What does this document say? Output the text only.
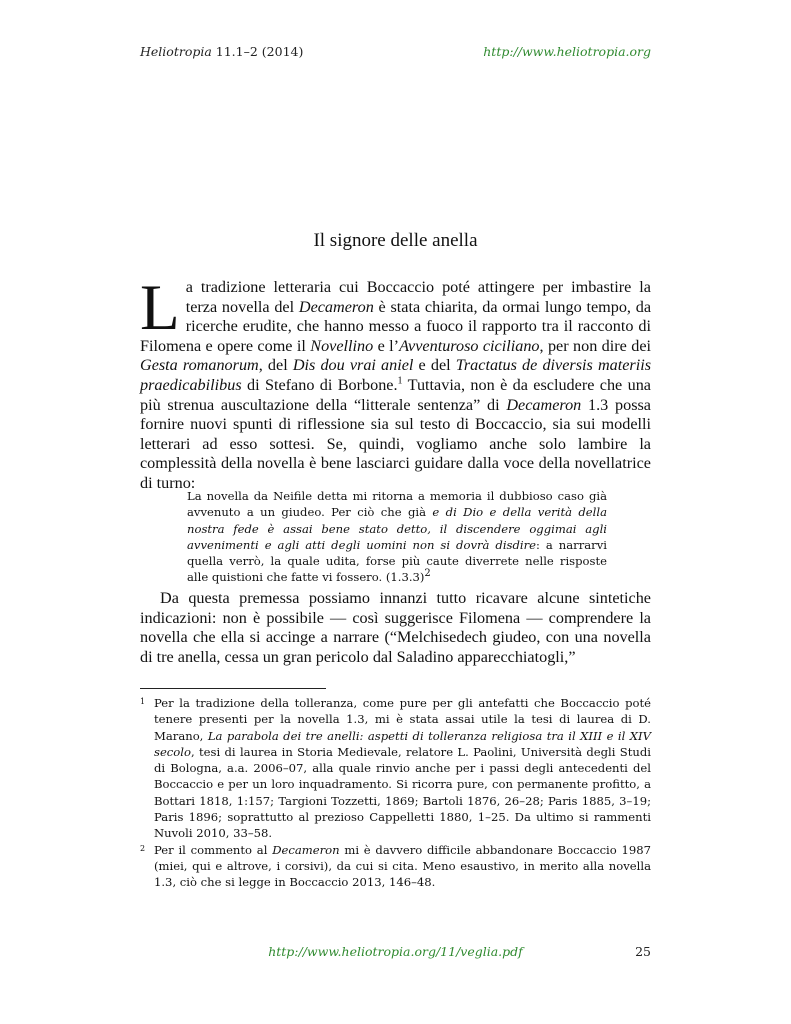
Heliotropia 11.1–2 (2014)	http://www.heliotropia.org
Il signore delle anella
La tradizione letteraria cui Boccaccio poté attingere per imbastire la terza novella del Decameron è stata chiarita, da ormai lungo tempo, da ricerche erudite, che hanno messo a fuoco il rapporto tra il racconto di Filomena e opere come il Novellino e l’Avventuroso ciciliano, per non dire dei Gesta romanorum, del Dis dou vrai aniel e del Tractatus de diversis materiis praedicabilibus di Stefano di Borbone.$^1$ Tuttavia, non è da escludere che una più strenua auscultazione della “litterale sentenza” di Decameron 1.3 possa fornire nuovi spunti di riflessione sia sul testo di Boccaccio, sia sui modelli letterari ad esso sottesi. Se, quindi, vogliamo anche solo lambire la complessità della novella è bene lasciarci guidare dalla voce della novellatrice di turno:
La novella da Neifile detta mi ritorna a memoria il dubbioso caso già avvenuto a un giudeo. Per ciò che già e di Dio e della verità della nostra fede è assai bene stato detto, il discendere oggimai agli avvenimenti e agli atti degli uomini non si dovrà disdire: a narrarvi quella verrò, la quale udita, forse più caute diverrete nelle risposte alle quistioni che fatte vi fossero. (1.3.3)$^2$
Da questa premessa possiamo innanzi tutto ricavare alcune sintetiche indicazioni: non è possibile — così suggerisce Filomena — comprendere la novella che ella si accinge a narrare (“Melchisedech giudeo, con una novella di tre anella, cessa un gran pericolo dal Saladino apparecchiatogli,”

1 Per la tradizione della tolleranza, come pure per gli antefatti che Boccaccio poté tenere presenti per la novella 1.3, mi è stata assai utile la tesi di laurea di D. Marano, La parabola dei tre anelli: aspetti di tolleranza religiosa tra il XIII e il XIV secolo, tesi di laurea in Storia Medievale, relatore L. Paolini, Università degli Studi di Bologna, a.a. 2006–07, alla quale rinvio anche per i passi degli antecedenti del Boccaccio e per un loro inquadramento. Si ricorra pure, con permanente profitto, a Bottari 1818, 1:157; Targioni Tozzetti, 1869; Bartoli 1876, 26–28; Paris 1885, 3–19; Paris 1896; soprattutto al prezioso Cappelletti 1880, 1–25. Da ultimo si rammenti Nuvoli 2010, 33–58.

2 Per il commento al Decameron mi è davvero difficile abbandonare Boccaccio 1987 (miei, qui e altrove, i corsivi), da cui si cita. Meno esaustivo, in merito alla novella 1.3, ciò che si legge in Boccaccio 2013, 146–48.

http://www.heliotropia.org/11/veglia.pdf	25
